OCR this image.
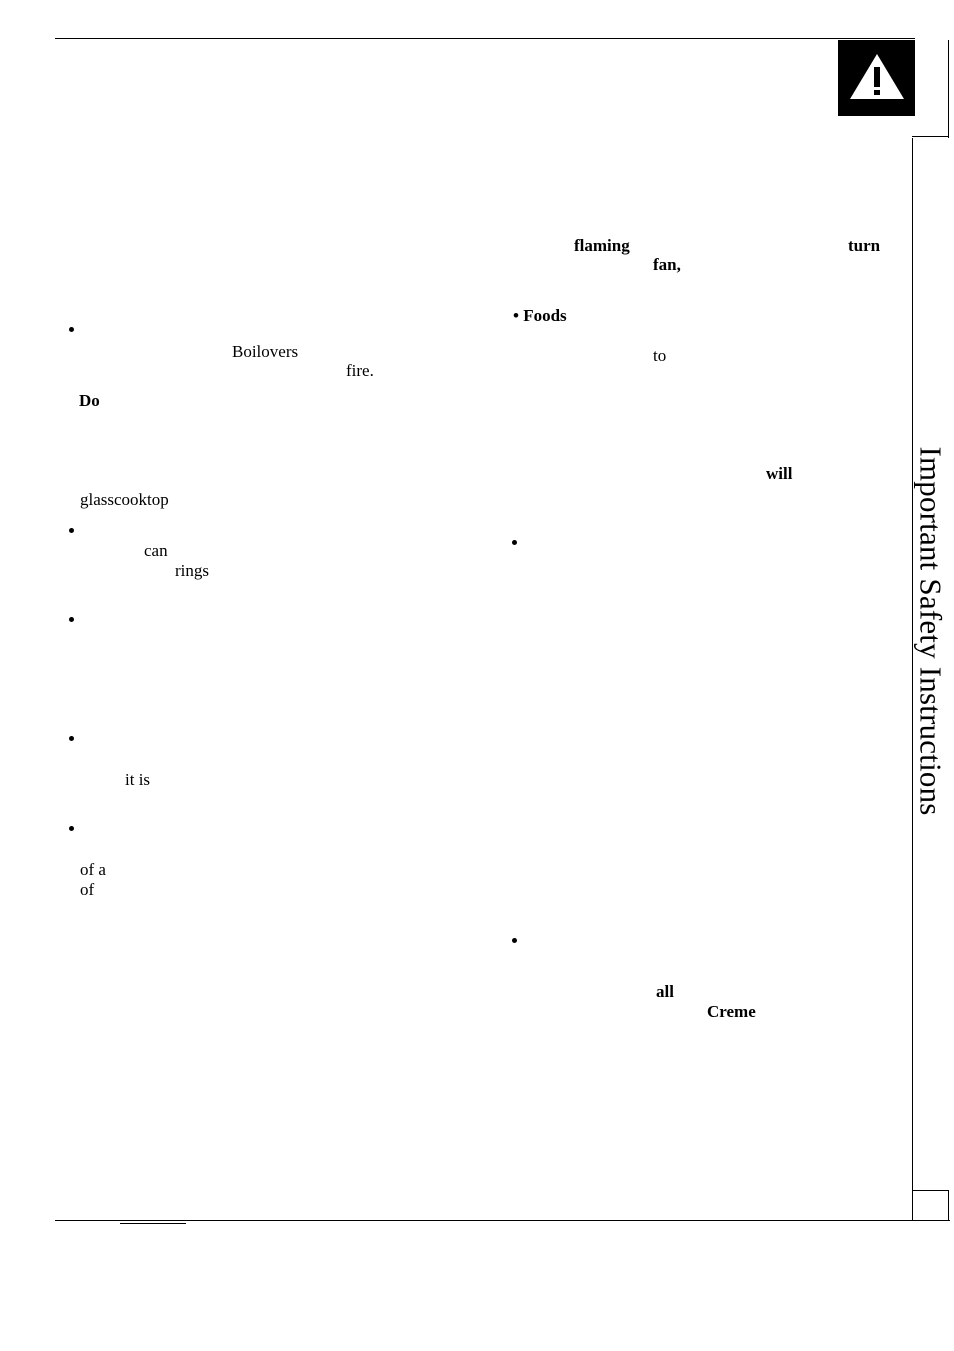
Important Safety Instructions
Boilovers
fire.
Do
glasscooktop
can
rings
it is
of a
of
flaming	turn
fan,
• Foods
to
will
all
Creme
